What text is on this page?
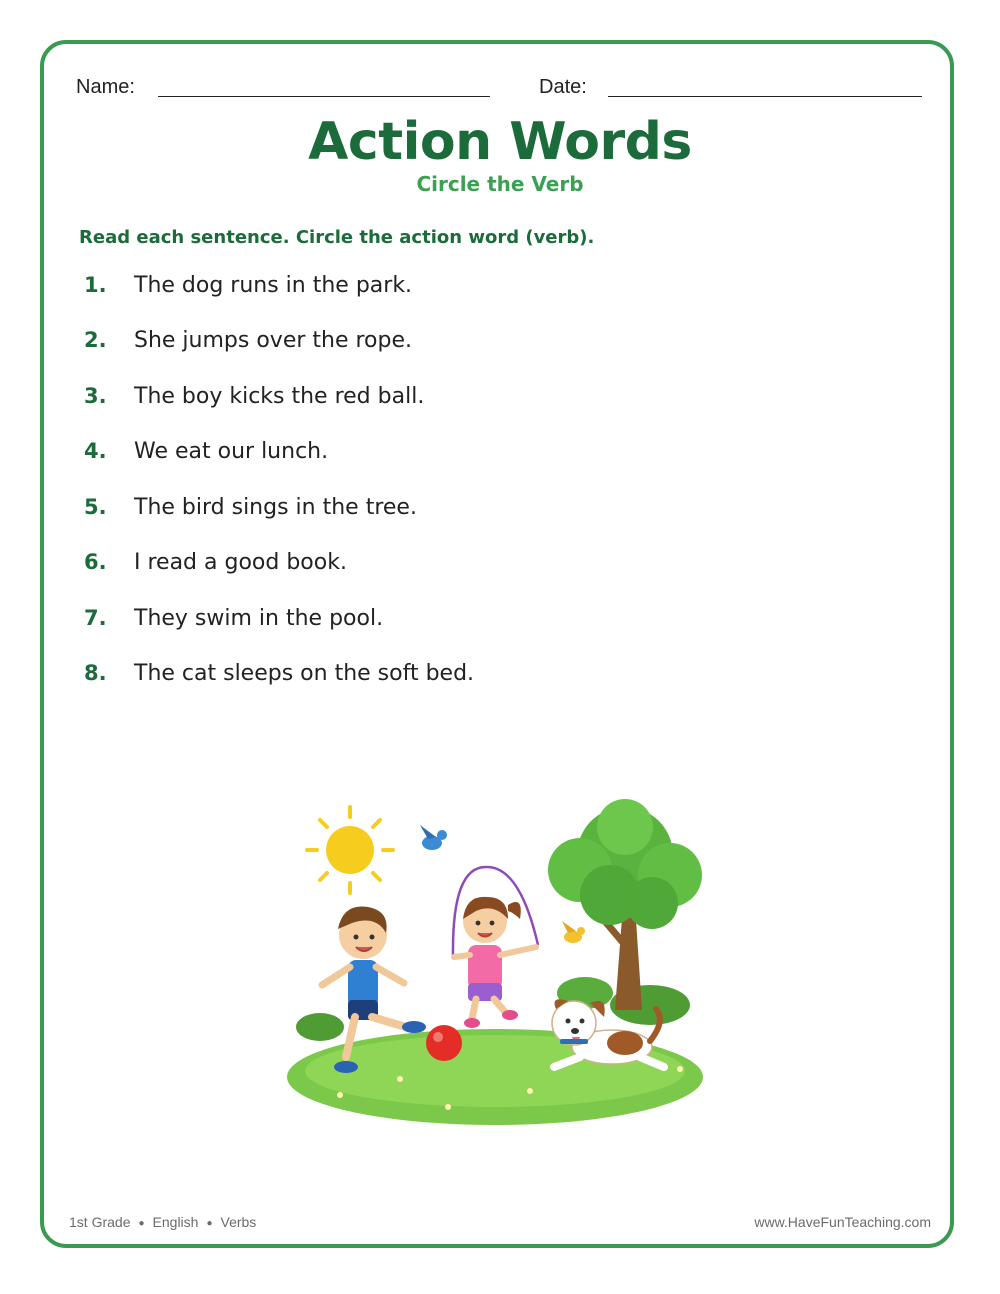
Name:	Date:
Action Words
Circle the Verb
Read each sentence. Circle the action word (verb).
1.	The dog runs in the park.
2.	She jumps over the rope.
3.	The boy kicks the red ball.
4.	We eat our lunch.
5.	The bird sings in the tree.
6.	I read a good book.
7.	They swim in the pool.
8.	The cat sleeps on the soft bed.
1st Grade ● English ● Verbs	www.HaveFunTeaching.com
